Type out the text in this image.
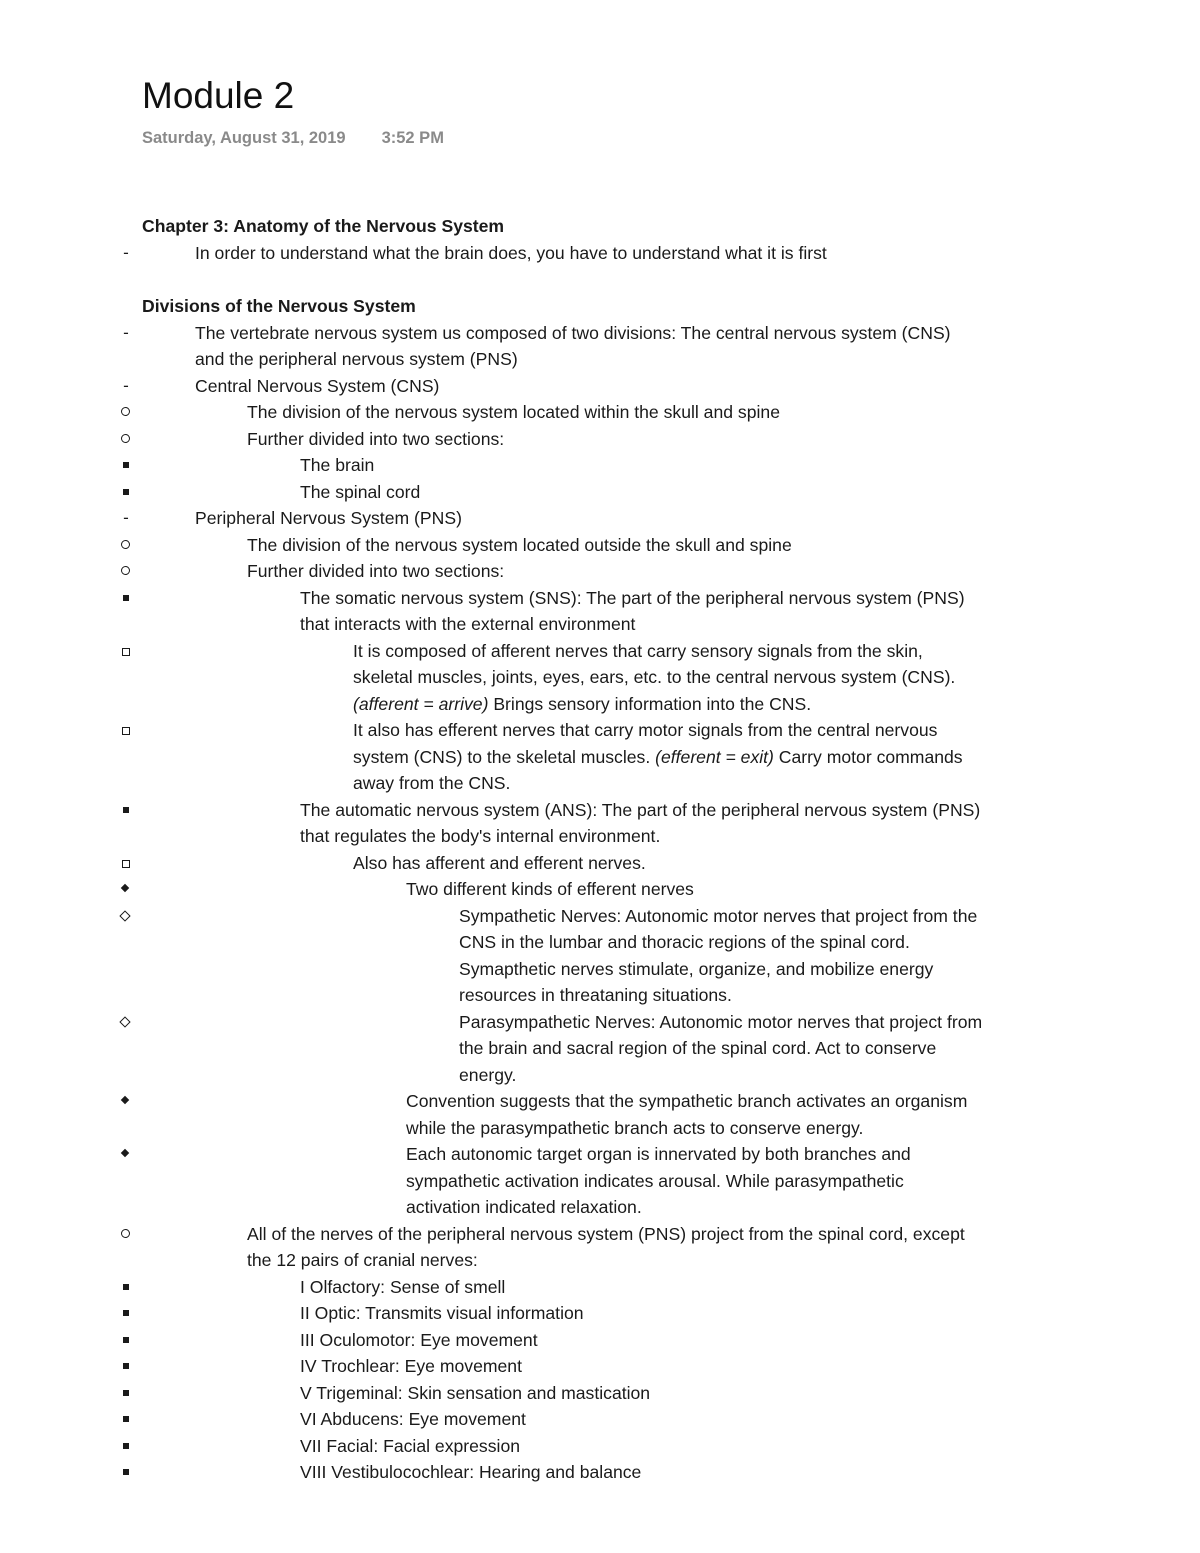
Module 2
Saturday, August 31, 2019 3:52 PM
Chapter 3: Anatomy of the Nervous System
-	In order to understand what the brain does, you have to understand what it is first
Divisions of the Nervous System
-	The vertebrate nervous system us composed of two divisions: The central nervous system (CNS)
and the peripheral nervous system (PNS)
-	Central Nervous System (CNS)
The division of the nervous system located within the skull and spine
Further divided into two sections:
The brain
The spinal cord
-	Peripheral Nervous System (PNS)
The division of the nervous system located outside the skull and spine
Further divided into two sections:
The somatic nervous system (SNS): The part of the peripheral nervous system (PNS)
that interacts with the external environment
It is composed of afferent nerves that carry sensory signals from the skin,
skeletal muscles, joints, eyes, ears, etc. to the central nervous system (CNS).
(afferent = arrive) Brings sensory information into the CNS.
It also has efferent nerves that carry motor signals from the central nervous
system (CNS) to the skeletal muscles. (efferent = exit) Carry motor commands
away from the CNS.
The automatic nervous system (ANS): The part of the peripheral nervous system (PNS)
that regulates the body's internal environment.
Also has afferent and efferent nerves.
Two different kinds of efferent nerves
Sympathetic Nerves: Autonomic motor nerves that project from the
CNS in the lumbar and thoracic regions of the spinal cord.
Symapthetic nerves stimulate, organize, and mobilize energy
resources in threataning situations.
Parasympathetic Nerves: Autonomic motor nerves that project from
the brain and sacral region of the spinal cord. Act to conserve
energy.
Convention suggests that the sympathetic branch activates an organism
while the parasympathetic branch acts to conserve energy.
Each autonomic target organ is innervated by both branches and
sympathetic activation indicates arousal. While parasympathetic
activation indicated relaxation.
All of the nerves of the peripheral nervous system (PNS) project from the spinal cord, except
the 12 pairs of cranial nerves:
I Olfactory: Sense of smell
II Optic: Transmits visual information
III Oculomotor: Eye movement
IV Trochlear: Eye movement
V Trigeminal: Skin sensation and mastication
VI Abducens: Eye movement
VII Facial: Facial expression
VIII Vestibulocochlear: Hearing and balance
